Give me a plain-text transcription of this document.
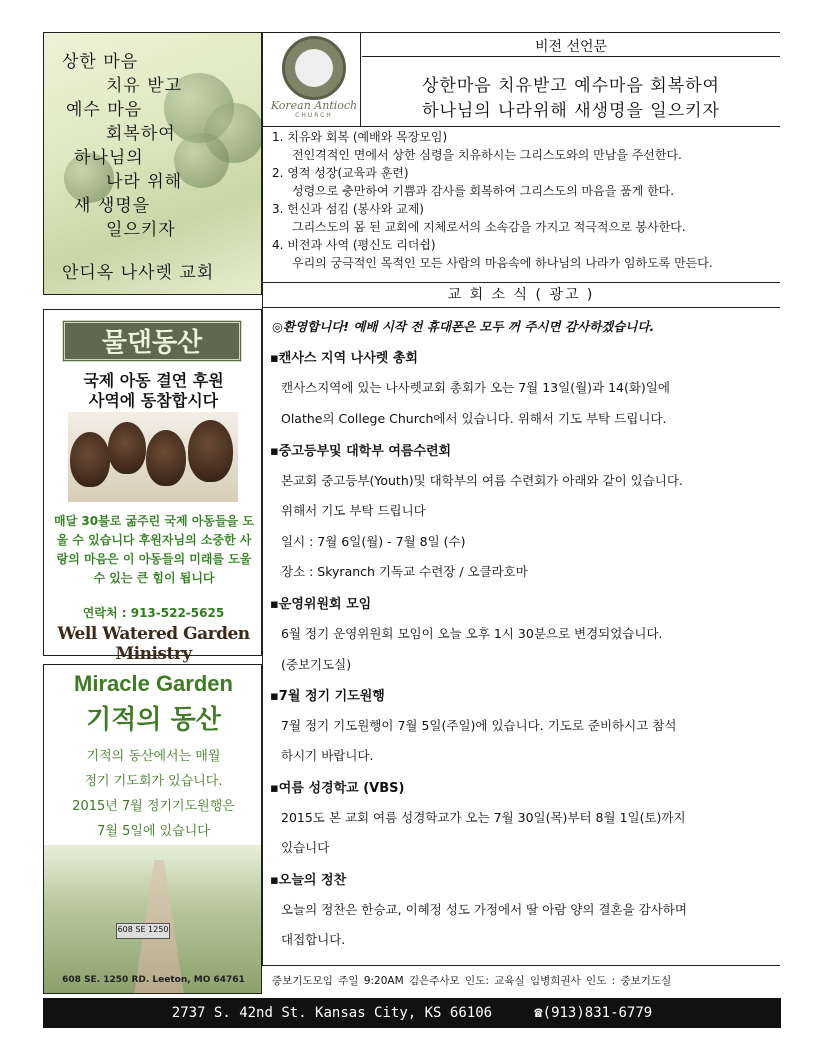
상한 마음
치유 받고
예수 마음
회복하여
하나님의
나라 위해
새 생명을
일으키자
안디옥 나사렛 교회
물댄동산
국제 아동 결연 후원
사역에 동참합시다
매달 30불로 굶주린 국제 아동들을 도울 수 있습니다 후원자님의 소중한 사랑의 마음은 이 아동들의 미래를 도울 수 있는 큰 힘이 됩니다
연락처 : 913-522-5625
Well Watered Garden Ministry
Miracle Garden
기적의 동산
기적의 동산에서는 매월
정기 기도회가 있습니다.
2015년 7월 정기기도원행은
7월 5일에 있습니다
608 SE 1250
608 SE. 1250 RD. Leeton, MO 64761
Korean Antioch
CHURCH
비전 선언문
상한마음 치유받고 예수마음 회복하여
하나님의 나라위해 새생명을 일으키자
1. 치유와 회복 (예배와 목장모임)
전인격적인 면에서 상한 심령을 치유하시는 그리스도와의 만남을 주선한다.
2. 영적 성장(교육과 훈련)
성령으로 충만하여 기쁨과 감사를 회복하여 그리스도의 마음을 품게 한다.
3. 헌신과 섬김 (봉사와 교제)
그리스도의 몸 된 교회에 지체로서의 소속감을 가지고 적극적으로 봉사한다.
4. 비전과 사역 (평신도 리더쉽)
우리의 궁극적인 목적인 모든 사람의 마음속에 하나님의 나라가 임하도록 만든다.
교 회 소 식 ( 광고 )
◎환영합니다! 예배 시작 전 휴대폰은 모두 꺼 주시면 감사하겠습니다.
▪캔사스 지역 나사렛 총회
캔사스지역에 있는 나사렛교회 총회가 오는 7월 13일(월)과 14(화)일에
Olathe의 College Church에서 있습니다. 위해서 기도 부탁 드립니다.
▪중고등부및 대학부 여름수련회
본교회 중고등부(Youth)및 대학부의 여름 수련회가 아래와 같이 있습니다.
위해서 기도 부탁 드립니다
일시 : 7월 6일(월) - 7월 8일 (수)
장소 : Skyranch 기독교 수련장 / 오클라호마
▪운영위원회 모임
6월 정기 운영위원회 모임이 오늘 오후 1시 30분으로 변경되었습니다.
(중보기도실)
▪7월 정기 기도원행
7월 정기 기도원행이 7월 5일(주일)에 있습니다. 기도로 준비하시고 참석
하시기 바랍니다.
▪여름 성경학교 (VBS)
2015도 본 교회 여름 성경학교가 오는 7월 30일(목)부터 8월 1일(토)까지
있습니다
▪오늘의 정찬
오늘의 정찬은 한승교, 이혜정 성도 가정에서 딸 아람 양의 결혼을 감사하며
대접합니다.
중보기도모임 주일 9:20AM 김은주사모 인도: 교육실 임병희권사 인도 : 중보기도실
2737 S. 42nd St. Kansas City, KS 66106	☎(913)831-6779
